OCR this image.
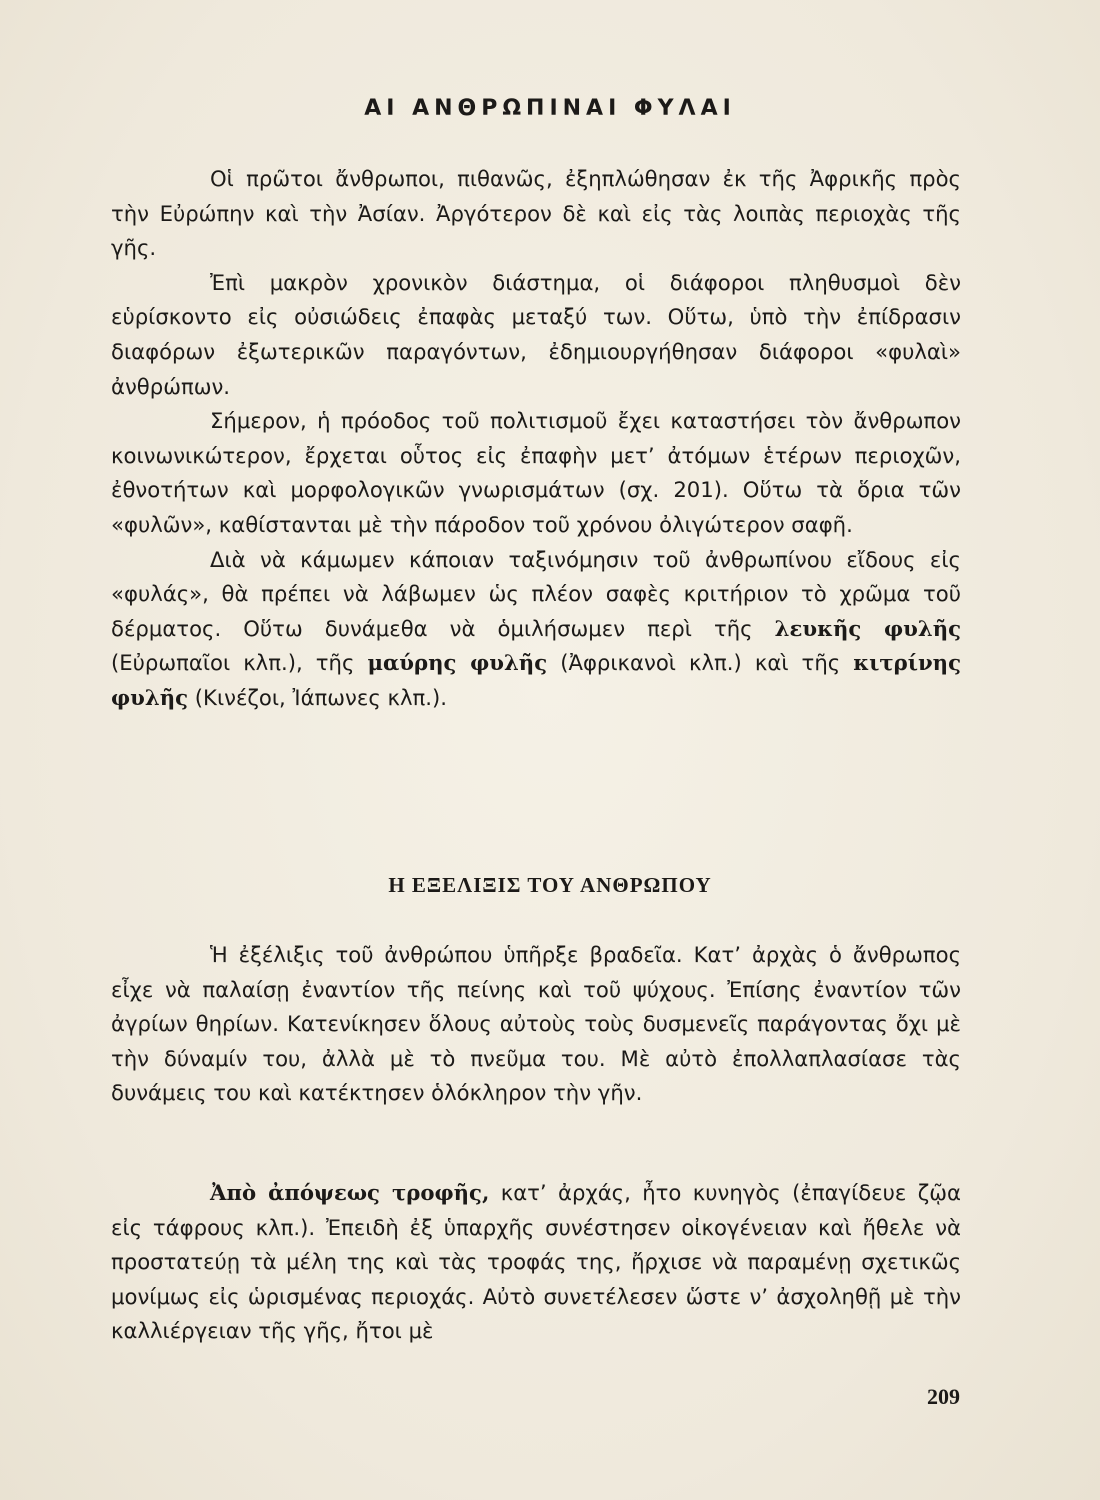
ΑΙ ΑΝΘΡΩΠΙΝΑΙ ΦΥΛΑΙ

Οἱ πρῶτοι ἄνθρωποι, πιθανῶς, ἐξηπλώθησαν ἐκ τῆς Ἀφρικῆς πρὸς τὴν Εὐρώπην καὶ τὴν Ἀσίαν. Ἀργότερον δὲ καὶ εἰς τὰς λοιπὰς περιοχὰς τῆς γῆς.

Ἐπὶ μακρὸν χρονικὸν διάστημα, οἱ διάφοροι πληθυσμοὶ δὲν εὑρίσκοντο εἰς οὐσιώδεις ἐπαφὰς μεταξύ των. Οὕτω, ὑπὸ τὴν ἐπίδρασιν διαφόρων ἐξωτερικῶν παραγόντων, ἐδημιουργήθησαν διάφοροι «φυλαὶ» ἀνθρώπων.

Σήμερον, ἡ πρόοδος τοῦ πολιτισμοῦ ἔχει καταστήσει τὸν ἄνθρωπον κοινωνικώτερον, ἔρχεται οὗτος εἰς ἐπαφὴν μετ’ ἀτόμων ἑτέρων περιοχῶν, ἐθνοτήτων καὶ μορφολογικῶν γνωρισμάτων (σχ. 201). Οὕτω τὰ ὅρια τῶν «φυλῶν», καθίστανται μὲ τὴν πάροδον τοῦ χρόνου ὀλιγώτερον σαφῆ.

Διὰ νὰ κάμωμεν κάποιαν ταξινόμησιν τοῦ ἀνθρωπίνου εἴδους εἰς «φυλάς», θὰ πρέπει νὰ λάβωμεν ὡς πλέον σαφὲς κριτήριον τὸ χρῶμα τοῦ δέρματος. Οὕτω δυνάμεθα νὰ ὁμιλήσωμεν περὶ τῆς λευκῆς φυλῆς (Εὐρωπαῖοι κλπ.), τῆς μαύρης φυλῆς (Ἀφρικανοὶ κλπ.) καὶ τῆς κιτρίνης φυλῆς (Κινέζοι, Ἰάπωνες κλπ.).

Η ΕΞΕΛΙΞΙΣ ΤΟΥ ΑΝΘΡΩΠΟΥ

Ἡ ἐξέλιξις τοῦ ἀνθρώπου ὑπῆρξε βραδεῖα. Κατ’ ἀρχὰς ὁ ἄνθρωπος εἶχε νὰ παλαίσῃ ἐναντίον τῆς πείνης καὶ τοῦ ψύχους. Ἐπίσης ἐναντίον τῶν ἀγρίων θηρίων. Κατενίκησεν ὅλους αὐτοὺς τοὺς δυσμενεῖς παράγοντας ὄχι μὲ τὴν δύναμίν του, ἀλλὰ μὲ τὸ πνεῦμα του. Μὲ αὐτὸ ἐπολλαπλασίασε τὰς δυνάμεις του καὶ κατέκτησεν ὁλόκληρον τὴν γῆν.

Ἀπὸ ἀπόψεως τροφῆς, κατ’ ἀρχάς, ἦτο κυνηγὸς (ἐπαγίδευε ζῷα εἰς τάφρους κλπ.). Ἐπειδὴ ἐξ ὑπαρχῆς συνέστησεν οἰκογένειαν καὶ ἤθελε νὰ προστατεύῃ τὰ μέλη της καὶ τὰς τροφάς της, ἤρχισε νὰ παραμένῃ σχετικῶς μονίμως εἰς ὡρισμένας περιοχάς. Αὐτὸ συνετέλεσεν ὥστε ν’ ἀσχοληθῇ μὲ τὴν καλλιέργειαν τῆς γῆς, ἤτοι μὲ

209
